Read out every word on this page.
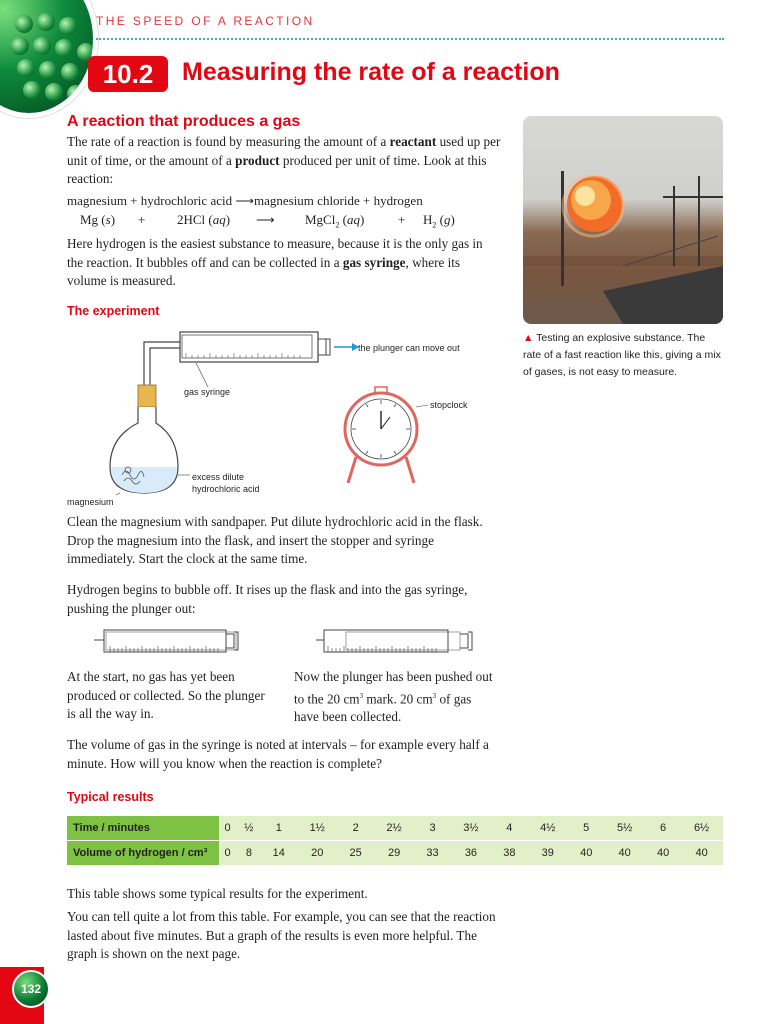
THE SPEED OF A REACTION
10.2	Measuring the rate of a reaction
A reaction that produces a gas
The rate of a reaction is found by measuring the amount of a reactant used up per unit of time, or the amount of a product produced per unit of time. Look at this reaction:
magnesium + hydrochloric acid ⟶magnesium chloride + hydrogen
Mg (s) + 2HCl (aq) ⟶ MgCl$_2$ (aq)	+ $H_2$ (g)
Here hydrogen is the easiest substance to measure, because it is the only gas in the reaction. It bubbles off and can be collected in a gas syringe, where its volume is measured.
▲ Testing an explosive substance. The rate of a fast reaction like this, giving a mix of gases, is not easy to measure.
The experiment
the plunger can move out
gas syringe
stopclock
excess dilute
hydrochloric acid
magnesium
Clean the magnesium with sandpaper. Put dilute hydrochloric acid in the flask. Drop the magnesium into the flask, and insert the stopper and syringe immediately. Start the clock at the same time.
Hydrogen begins to bubble off. It rises up the flask and into the gas syringe, pushing the plunger out:
At the start, no gas has yet been produced or collected. So the plunger is all the way in.
Now the plunger has been pushed out to the 20 $cm^3$ mark. 20 $cm^3$ of gas have been collected.
The volume of gas in the syringe is noted at intervals – for example every half a minute. How will you know when the reaction is complete?
Typical results
Time / minutes	0	½	1	1½	2	2½	3	3½	4	4½	5	5½	6	6½
Volume of hydrogen / cm³	0	8	14	20	25	29	33	36	38	39	40	40	40	40
This table shows some typical results for the experiment.
You can tell quite a lot from this table. For example, you can see that the reaction lasted about five minutes. But a graph of the results is even more helpful. The graph is shown on the next page.
132
